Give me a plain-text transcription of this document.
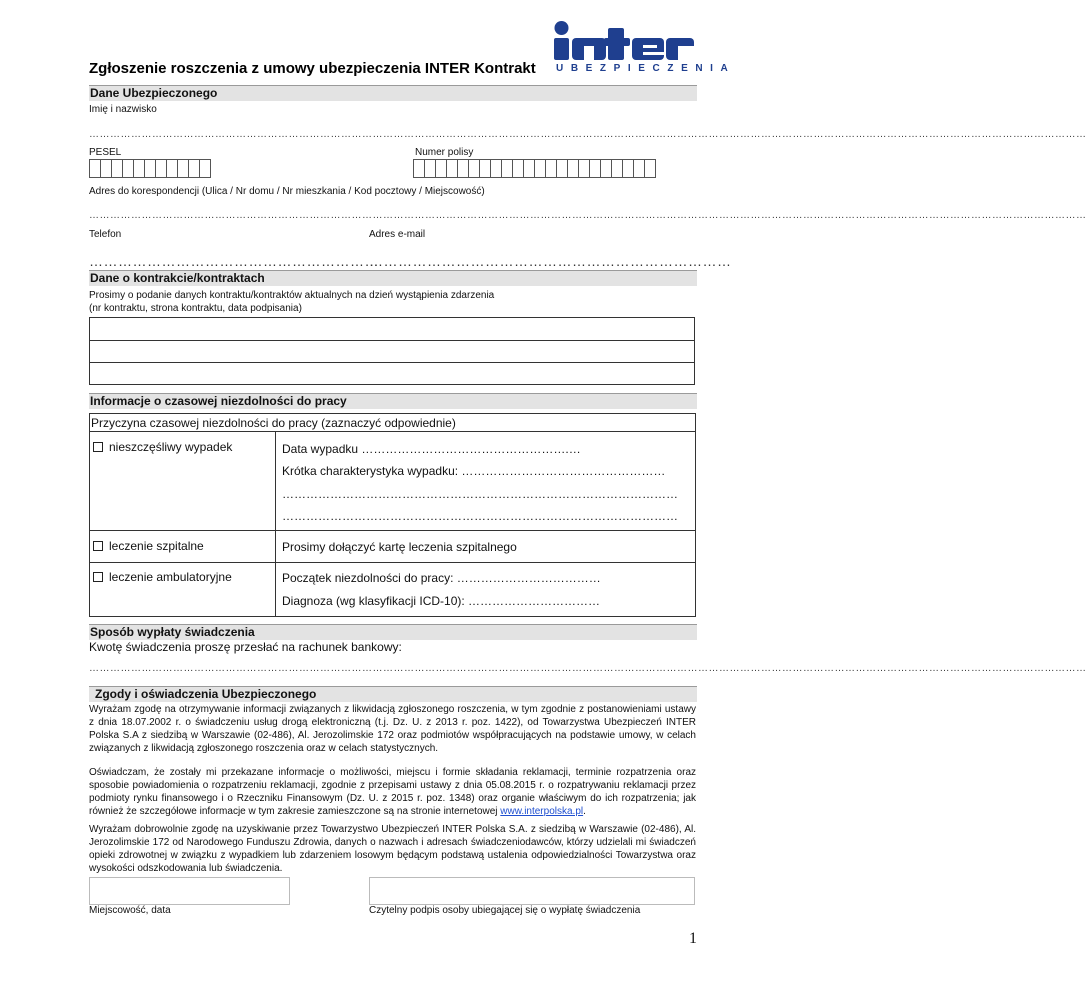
UBEZPIECZENIA
Zgłoszenie roszczenia z umowy ubezpieczenia INTER Kontrakt
Dane Ubezpieczonego
Imię i nazwisko
……………………………………………………………………………………………………………………………………………………………………………………………………………………………………………………………
PESEL	Numer polisy
Adres do korespondencji (Ulica / Nr domu / Nr mieszkania / Kod pocztowy / Miejscowość)
……………………………………………………………………………………………………………………………………………………………………………………………………………………………………………………………
Telefon	Adres e-mail
……………………………………………………
…………………………………………………………………
Dane o kontrakcie/kontraktach
Prosimy o podanie danych kontraktu/kontraktów aktualnych na dzień wystąpienia zdarzenia
(nr kontraktu, strona kontraktu, data podpisania)
Informacje o czasowej niezdolności do pracy
Przyczyna czasowej niezdolności do pracy (zaznaczyć odpowiednie)
nieszczęśliwy wypadek	Data wypadku …………………………………………….…
Krótka charakterystyka wypadku: ……………………………………………
………………………………………………………………………………………
………………………………………………………………………………………
leczenie szpitalne	Prosimy dołączyć kartę leczenia szpitalnego
leczenie ambulatoryjne	Początek niezdolności do pracy: ………………………………
Diagnoza (wg klasyfikacji ICD-10): ……………………………
Sposób wypłaty świadczenia
Kwotę świadczenia proszę przesłać na rachunek bankowy:
……………………………………………………………………………………………………………………………………………………………………………………………………………………………………………………………
Zgody i oświadczenia Ubezpieczonego
Wyrażam zgodę na otrzymywanie informacji związanych z likwidacją zgłoszonego roszczenia, w tym zgodnie z postanowieniami ustawy z dnia 18.07.2002 r. o świadczeniu usług drogą elektroniczną (t.j. Dz. U. z 2013 r. poz. 1422), od Towarzystwa Ubezpieczeń INTER Polska S.A z siedzibą w Warszawie (02-486), Al. Jerozolimskie 172 oraz podmiotów współpracujących na podstawie umowy, w celach związanych z likwidacją zgłoszonego roszczenia oraz w celach statystycznych.
Oświadczam, że zostały mi przekazane informacje o możliwości, miejscu i formie składania reklamacji, terminie rozpatrzenia oraz sposobie powiadomienia o rozpatrzeniu reklamacji, zgodnie z przepisami ustawy z dnia 05.08.2015 r. o rozpatrywaniu reklamacji przez podmioty rynku finansowego i o Rzeczniku Finansowym (Dz. U. z 2015 r. poz. 1348) oraz organie właściwym do ich rozpatrzenia; jak również że szczegółowe informacje w tym zakresie zamieszczone są na stronie internetowej www.interpolska.pl.
Wyrażam dobrowolnie zgodę na uzyskiwanie przez Towarzystwo Ubezpieczeń INTER Polska S.A. z siedzibą w Warszawie (02-486), Al. Jerozolimskie 172 od Narodowego Funduszu Zdrowia, danych o nazwach i adresach świadczeniodawców, którzy udzielali mi świadczeń opieki zdrowotnej w związku z wypadkiem lub zdarzeniem losowym będącym podstawą ustalenia odpowiedzialności Towarzystwa oraz wysokości odszkodowania lub świadczenia.
Miejscowość, data	Czytelny podpis osoby ubiegającej się o wypłatę świadczenia
1
